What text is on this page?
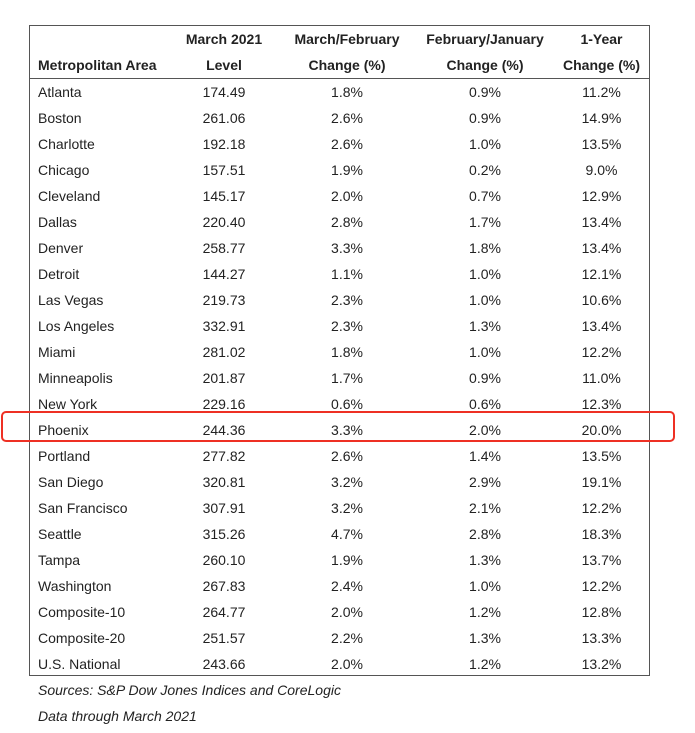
	March 2021	March/February	February/January	1-Year
Metropolitan Area	Level	Change (%)	Change (%)	Change (%)
Atlanta	174.49	1.8%	0.9%	11.2%
Boston	261.06	2.6%	0.9%	14.9%
Charlotte	192.18	2.6%	1.0%	13.5%
Chicago	157.51	1.9%	0.2%	9.0%
Cleveland	145.17	2.0%	0.7%	12.9%
Dallas	220.40	2.8%	1.7%	13.4%
Denver	258.77	3.3%	1.8%	13.4%
Detroit	144.27	1.1%	1.0%	12.1%
Las Vegas	219.73	2.3%	1.0%	10.6%
Los Angeles	332.91	2.3%	1.3%	13.4%
Miami	281.02	1.8%	1.0%	12.2%
Minneapolis	201.87	1.7%	0.9%	11.0%
New York	229.16	0.6%	0.6%	12.3%
Phoenix	244.36	3.3%	2.0%	20.0%
Portland	277.82	2.6%	1.4%	13.5%
San Diego	320.81	3.2%	2.9%	19.1%
San Francisco	307.91	3.2%	2.1%	12.2%
Seattle	315.26	4.7%	2.8%	18.3%
Tampa	260.10	1.9%	1.3%	13.7%
Washington	267.83	2.4%	1.0%	12.2%
Composite-10	264.77	2.0%	1.2%	12.8%
Composite-20	251.57	2.2%	1.3%	13.3%
U.S. National	243.66	2.0%	1.2%	13.2%
Sources: S&P Dow Jones Indices and CoreLogic
Data through March 2021
